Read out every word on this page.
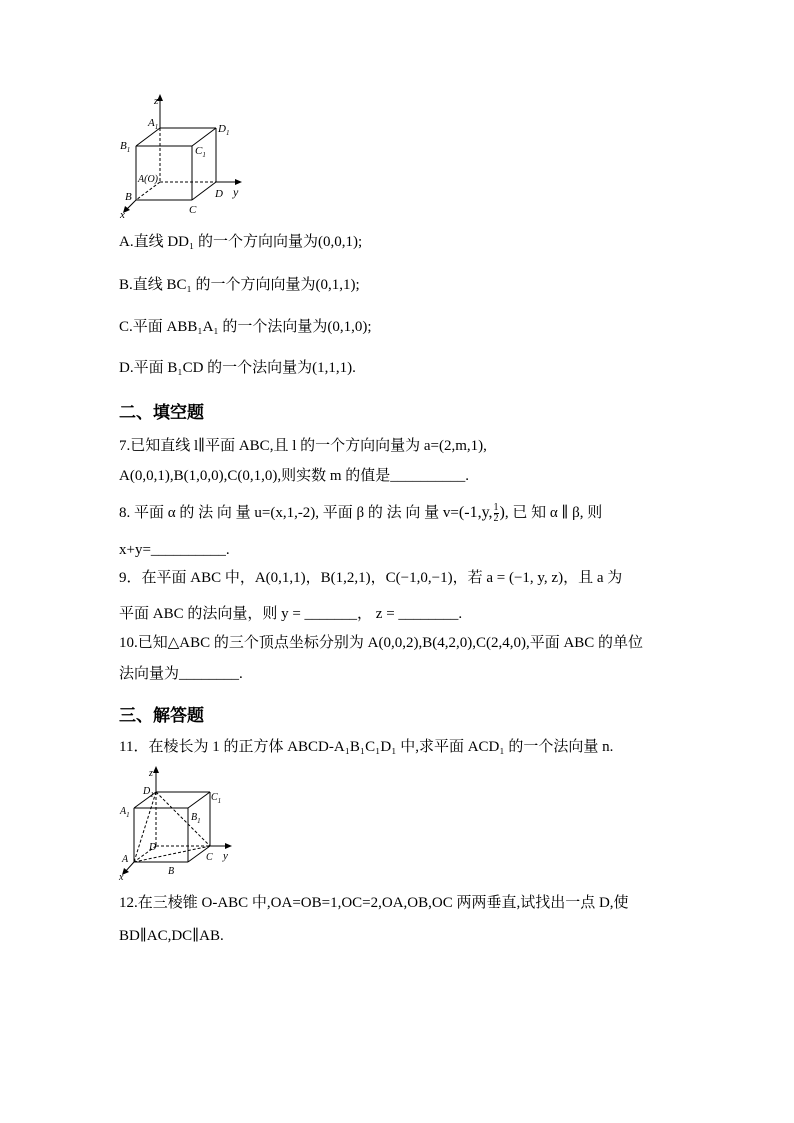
z
y
x
$A_1$	$D_1$
$B_1$	$C_1$
A(O)
B
C
D
A.直线 DD₁ 的一个方向向量为(0,0,1);
B.直线 BC₁ 的一个方向向量为(0,1,1);
C.平面 ABB₁A₁ 的一个法向量为(0,1,0);
D.平面 B₁CD 的一个法向量为(1,1,1).
二、填空题
7.已知直线 l∥平面 ABC,且 l 的一个方向向量为 a=(2,m,1),
A(0,0,1),B(1,0,0),C(0,1,0),则实数 m 的值是__________.
8. 平面 α 的 法 向 量 u=(x,1,-2), 平面 β 的 法 向 量 v=(-1,y, $\frac{1}{2}$ ), 已 知 α ∥ β, 则
x+y=__________.
9．在平面 ABC 中，A(0,1,1)，B(1,2,1)，C(−1,0,−1)，若 a = (−1, y, z)，且 a 为
平面 ABC 的法向量，则 y = _______， z = ________.
10.已知△ABC 的三个顶点坐标分别为 A(0,0,2),B(4,2,0),C(2,4,0),平面 ABC 的单位
法向量为________.
三、解答题
11．在棱长为 1 的正方体 ABCD-A₁B₁C₁D₁ 中,求平面 ACD₁ 的一个法向量 n.
z
y
x
$D_1$	$C_1$
$A_1$	$B_1$
D
A
B
C
12.在三棱锥 O-ABC 中,OA=OB=1,OC=2,OA,OB,OC 两两垂直,试找出一点 D,使
BD∥AC,DC∥AB.
